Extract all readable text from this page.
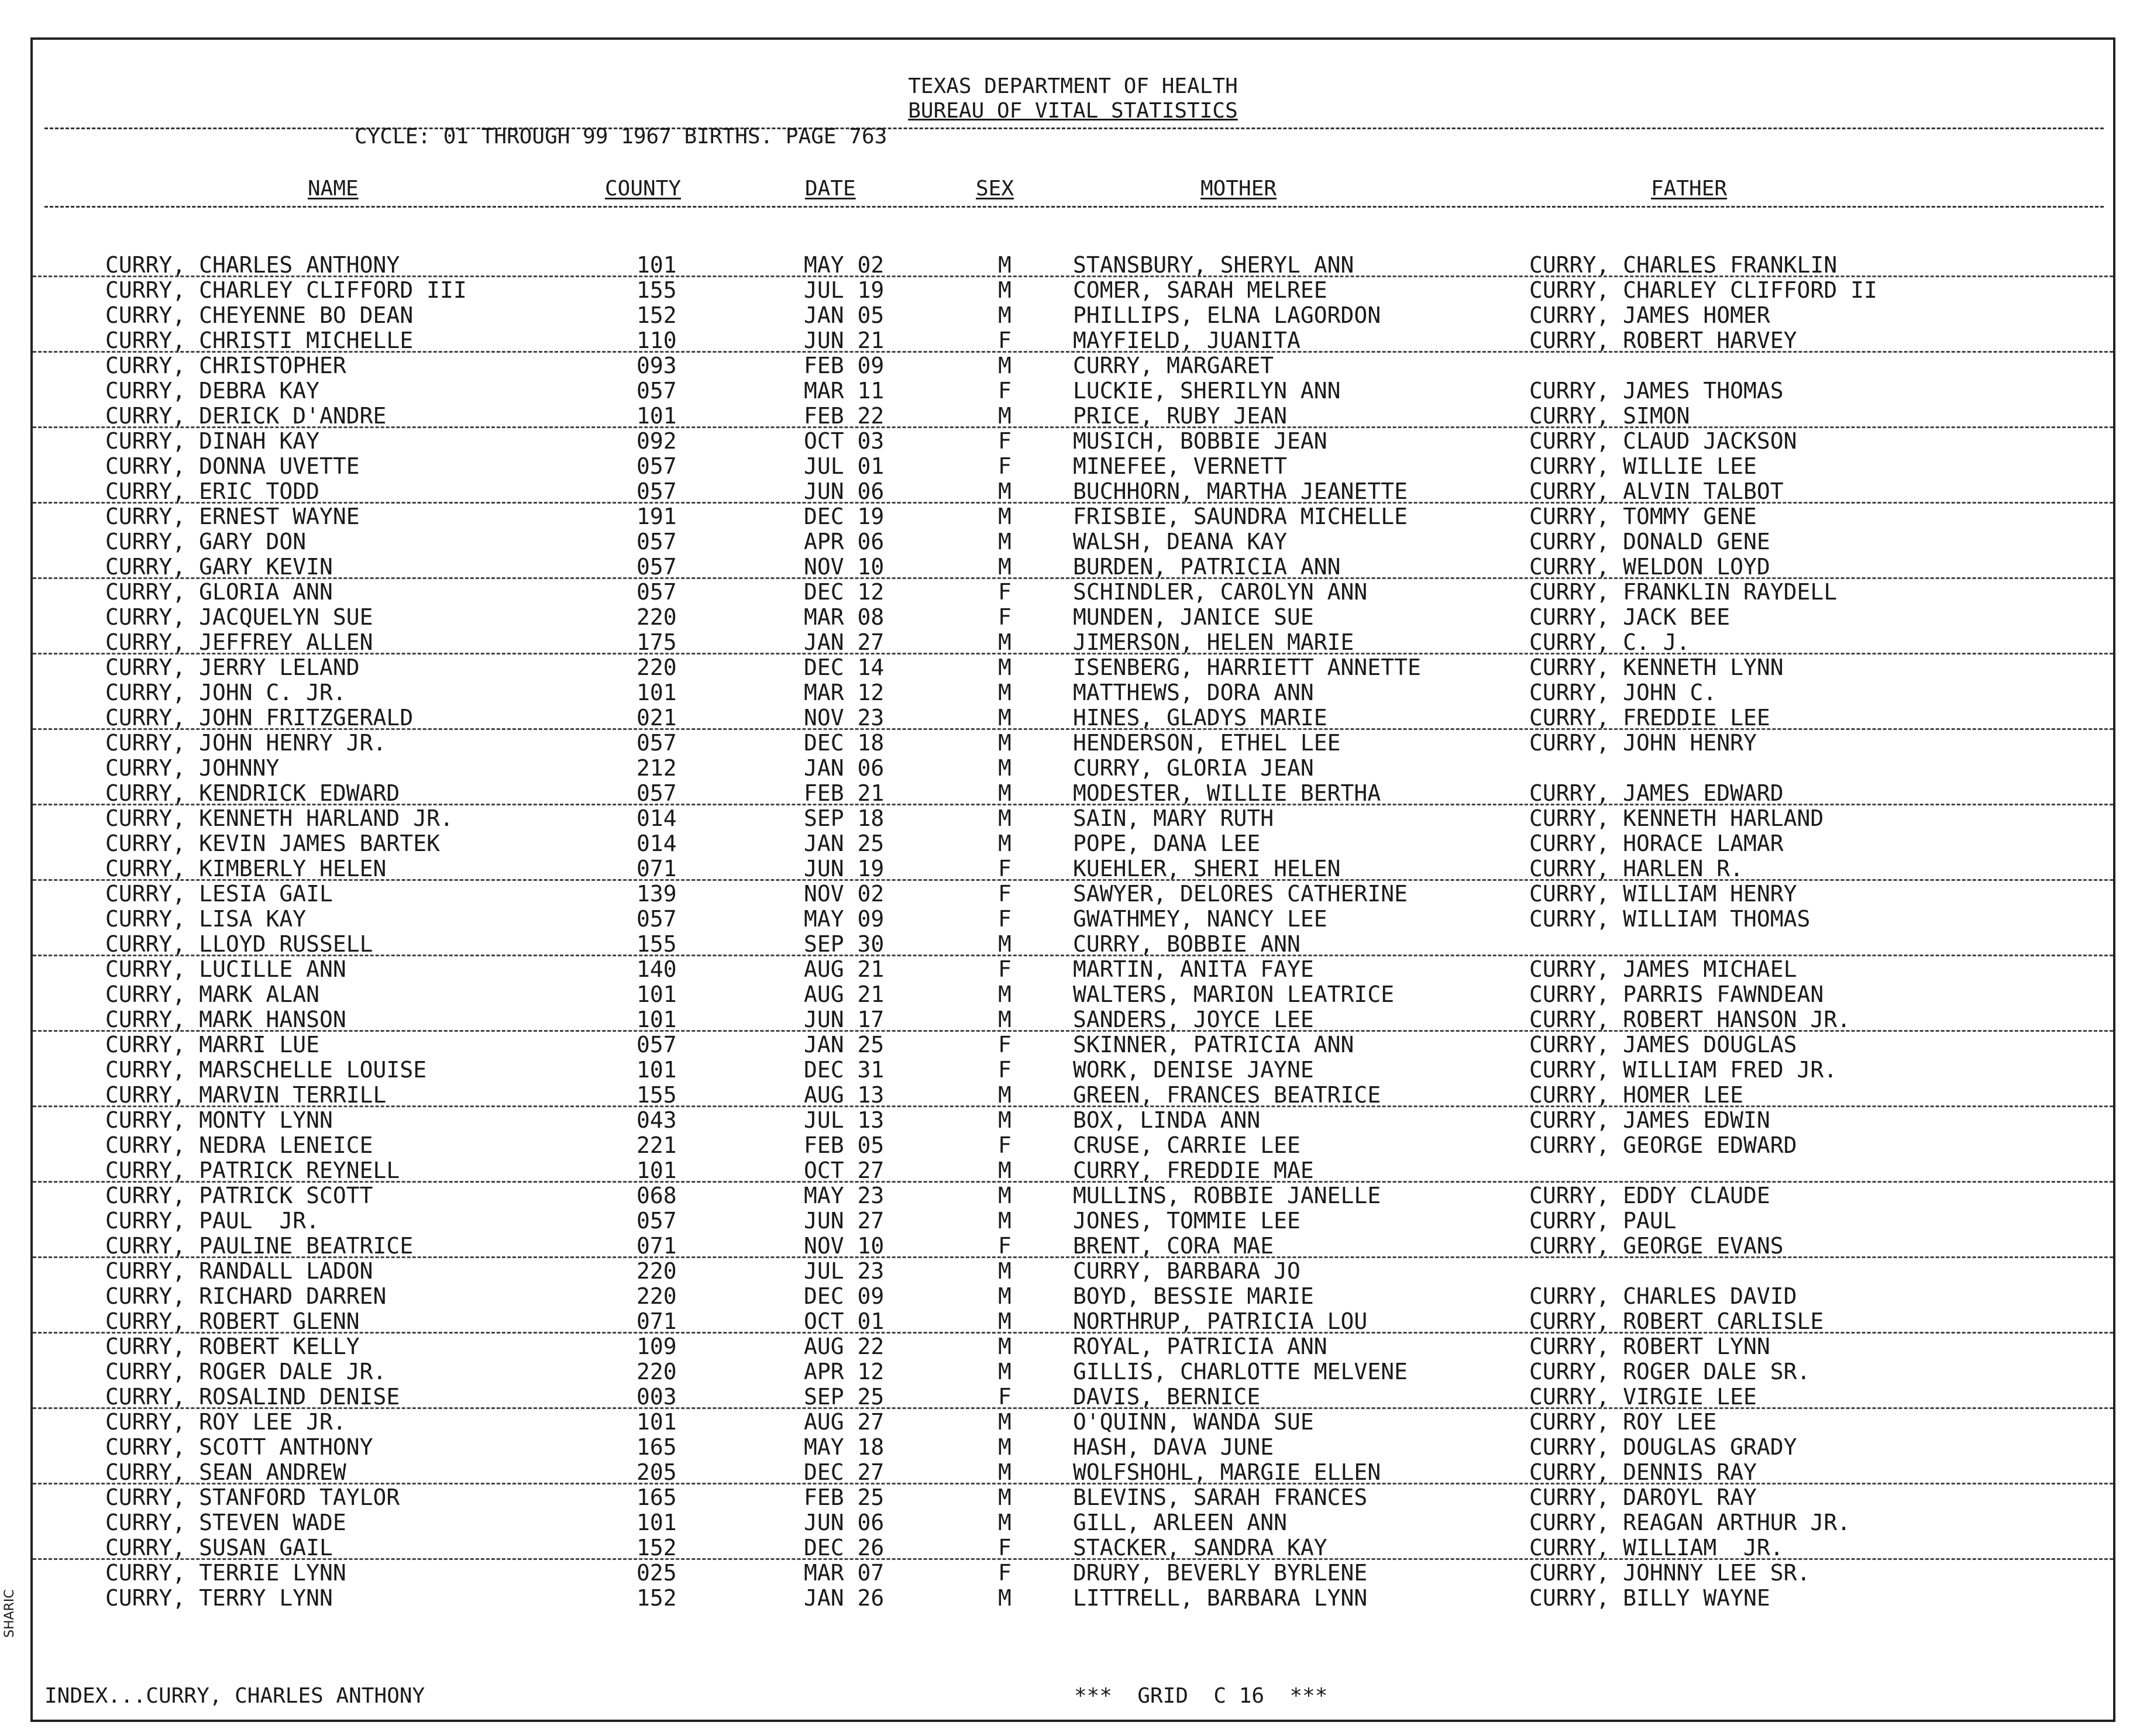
SHARIC
TEXAS DEPARTMENT OF HEALTH
BUREAU OF VITAL STATISTICS
CYCLE: 01 THROUGH 99 1967 BIRTHS. PAGE 763
NAME	COUNTY	DATE	SEX	MOTHER	FATHER
CURRY, CHARLES ANTHONY	101	MAY 02	M	STANSBURY, SHERYL ANN	CURRY, CHARLES FRANKLIN
CURRY, CHARLEY CLIFFORD III	155	JUL 19	M	COMER, SARAH MELREE	CURRY, CHARLEY CLIFFORD II
CURRY, CHEYENNE BO DEAN	152	JAN 05	M	PHILLIPS, ELNA LAGORDON	CURRY, JAMES HOMER
CURRY, CHRISTI MICHELLE	110	JUN 21	F	MAYFIELD, JUANITA	CURRY, ROBERT HARVEY
CURRY, CHRISTOPHER	093	FEB 09	M	CURRY, MARGARET
CURRY, DEBRA KAY	057	MAR 11	F	LUCKIE, SHERILYN ANN	CURRY, JAMES THOMAS
CURRY, DERICK D'ANDRE	101	FEB 22	M	PRICE, RUBY JEAN	CURRY, SIMON
CURRY, DINAH KAY	092	OCT 03	F	MUSICH, BOBBIE JEAN	CURRY, CLAUD JACKSON
CURRY, DONNA UVETTE	057	JUL 01	F	MINEFEE, VERNETT	CURRY, WILLIE LEE
CURRY, ERIC TODD	057	JUN 06	M	BUCHHORN, MARTHA JEANETTE	CURRY, ALVIN TALBOT
CURRY, ERNEST WAYNE	191	DEC 19	M	FRISBIE, SAUNDRA MICHELLE	CURRY, TOMMY GENE
CURRY, GARY DON	057	APR 06	M	WALSH, DEANA KAY	CURRY, DONALD GENE
CURRY, GARY KEVIN	057	NOV 10	M	BURDEN, PATRICIA ANN	CURRY, WELDON LOYD
CURRY, GLORIA ANN	057	DEC 12	F	SCHINDLER, CAROLYN ANN	CURRY, FRANKLIN RAYDELL
CURRY, JACQUELYN SUE	220	MAR 08	F	MUNDEN, JANICE SUE	CURRY, JACK BEE
CURRY, JEFFREY ALLEN	175	JAN 27	M	JIMERSON, HELEN MARIE	CURRY, C. J.
CURRY, JERRY LELAND	220	DEC 14	M	ISENBERG, HARRIETT ANNETTE	CURRY, KENNETH LYNN
CURRY, JOHN C. JR.	101	MAR 12	M	MATTHEWS, DORA ANN	CURRY, JOHN C.
CURRY, JOHN FRITZGERALD	021	NOV 23	M	HINES, GLADYS MARIE	CURRY, FREDDIE LEE
CURRY, JOHN HENRY JR.	057	DEC 18	M	HENDERSON, ETHEL LEE	CURRY, JOHN HENRY
CURRY, JOHNNY	212	JAN 06	M	CURRY, GLORIA JEAN
CURRY, KENDRICK EDWARD	057	FEB 21	M	MODESTER, WILLIE BERTHA	CURRY, JAMES EDWARD
CURRY, KENNETH HARLAND JR.	014	SEP 18	M	SAIN, MARY RUTH	CURRY, KENNETH HARLAND
CURRY, KEVIN JAMES BARTEK	014	JAN 25	M	POPE, DANA LEE	CURRY, HORACE LAMAR
CURRY, KIMBERLY HELEN	071	JUN 19	F	KUEHLER, SHERI HELEN	CURRY, HARLEN R.
CURRY, LESIA GAIL	139	NOV 02	F	SAWYER, DELORES CATHERINE	CURRY, WILLIAM HENRY
CURRY, LISA KAY	057	MAY 09	F	GWATHMEY, NANCY LEE	CURRY, WILLIAM THOMAS
CURRY, LLOYD RUSSELL	155	SEP 30	M	CURRY, BOBBIE ANN
CURRY, LUCILLE ANN	140	AUG 21	F	MARTIN, ANITA FAYE	CURRY, JAMES MICHAEL
CURRY, MARK ALAN	101	AUG 21	M	WALTERS, MARION LEATRICE	CURRY, PARRIS FAWNDEAN
CURRY, MARK HANSON	101	JUN 17	M	SANDERS, JOYCE LEE	CURRY, ROBERT HANSON JR.
CURRY, MARRI LUE	057	JAN 25	F	SKINNER, PATRICIA ANN	CURRY, JAMES DOUGLAS
CURRY, MARSCHELLE LOUISE	101	DEC 31	F	WORK, DENISE JAYNE	CURRY, WILLIAM FRED JR.
CURRY, MARVIN TERRILL	155	AUG 13	M	GREEN, FRANCES BEATRICE	CURRY, HOMER LEE
CURRY, MONTY LYNN	043	JUL 13	M	BOX, LINDA ANN	CURRY, JAMES EDWIN
CURRY, NEDRA LENEICE	221	FEB 05	F	CRUSE, CARRIE LEE	CURRY, GEORGE EDWARD
CURRY, PATRICK REYNELL	101	OCT 27	M	CURRY, FREDDIE MAE
CURRY, PATRICK SCOTT	068	MAY 23	M	MULLINS, ROBBIE JANELLE	CURRY, EDDY CLAUDE
CURRY, PAUL  JR.	057	JUN 27	M	JONES, TOMMIE LEE	CURRY, PAUL
CURRY, PAULINE BEATRICE	071	NOV 10	F	BRENT, CORA MAE	CURRY, GEORGE EVANS
CURRY, RANDALL LADON	220	JUL 23	M	CURRY, BARBARA JO
CURRY, RICHARD DARREN	220	DEC 09	M	BOYD, BESSIE MARIE	CURRY, CHARLES DAVID
CURRY, ROBERT GLENN	071	OCT 01	M	NORTHRUP, PATRICIA LOU	CURRY, ROBERT CARLISLE
CURRY, ROBERT KELLY	109	AUG 22	M	ROYAL, PATRICIA ANN	CURRY, ROBERT LYNN
CURRY, ROGER DALE JR.	220	APR 12	M	GILLIS, CHARLOTTE MELVENE	CURRY, ROGER DALE SR.
CURRY, ROSALIND DENISE	003	SEP 25	F	DAVIS, BERNICE	CURRY, VIRGIE LEE
CURRY, ROY LEE JR.	101	AUG 27	M	O'QUINN, WANDA SUE	CURRY, ROY LEE
CURRY, SCOTT ANTHONY	165	MAY 18	M	HASH, DAVA JUNE	CURRY, DOUGLAS GRADY
CURRY, SEAN ANDREW	205	DEC 27	M	WOLFSHOHL, MARGIE ELLEN	CURRY, DENNIS RAY
CURRY, STANFORD TAYLOR	165	FEB 25	M	BLEVINS, SARAH FRANCES	CURRY, DAROYL RAY
CURRY, STEVEN WADE	101	JUN 06	M	GILL, ARLEEN ANN	CURRY, REAGAN ARTHUR JR.
CURRY, SUSAN GAIL	152	DEC 26	F	STACKER, SANDRA KAY	CURRY, WILLIAM  JR.
CURRY, TERRIE LYNN	025	MAR 07	F	DRURY, BEVERLY BYRLENE	CURRY, JOHNNY LEE SR.
CURRY, TERRY LYNN	152	JAN 26	M	LITTRELL, BARBARA LYNN	CURRY, BILLY WAYNE
INDEX...CURRY, CHARLES ANTHONY	***  GRID  C 16  ***
